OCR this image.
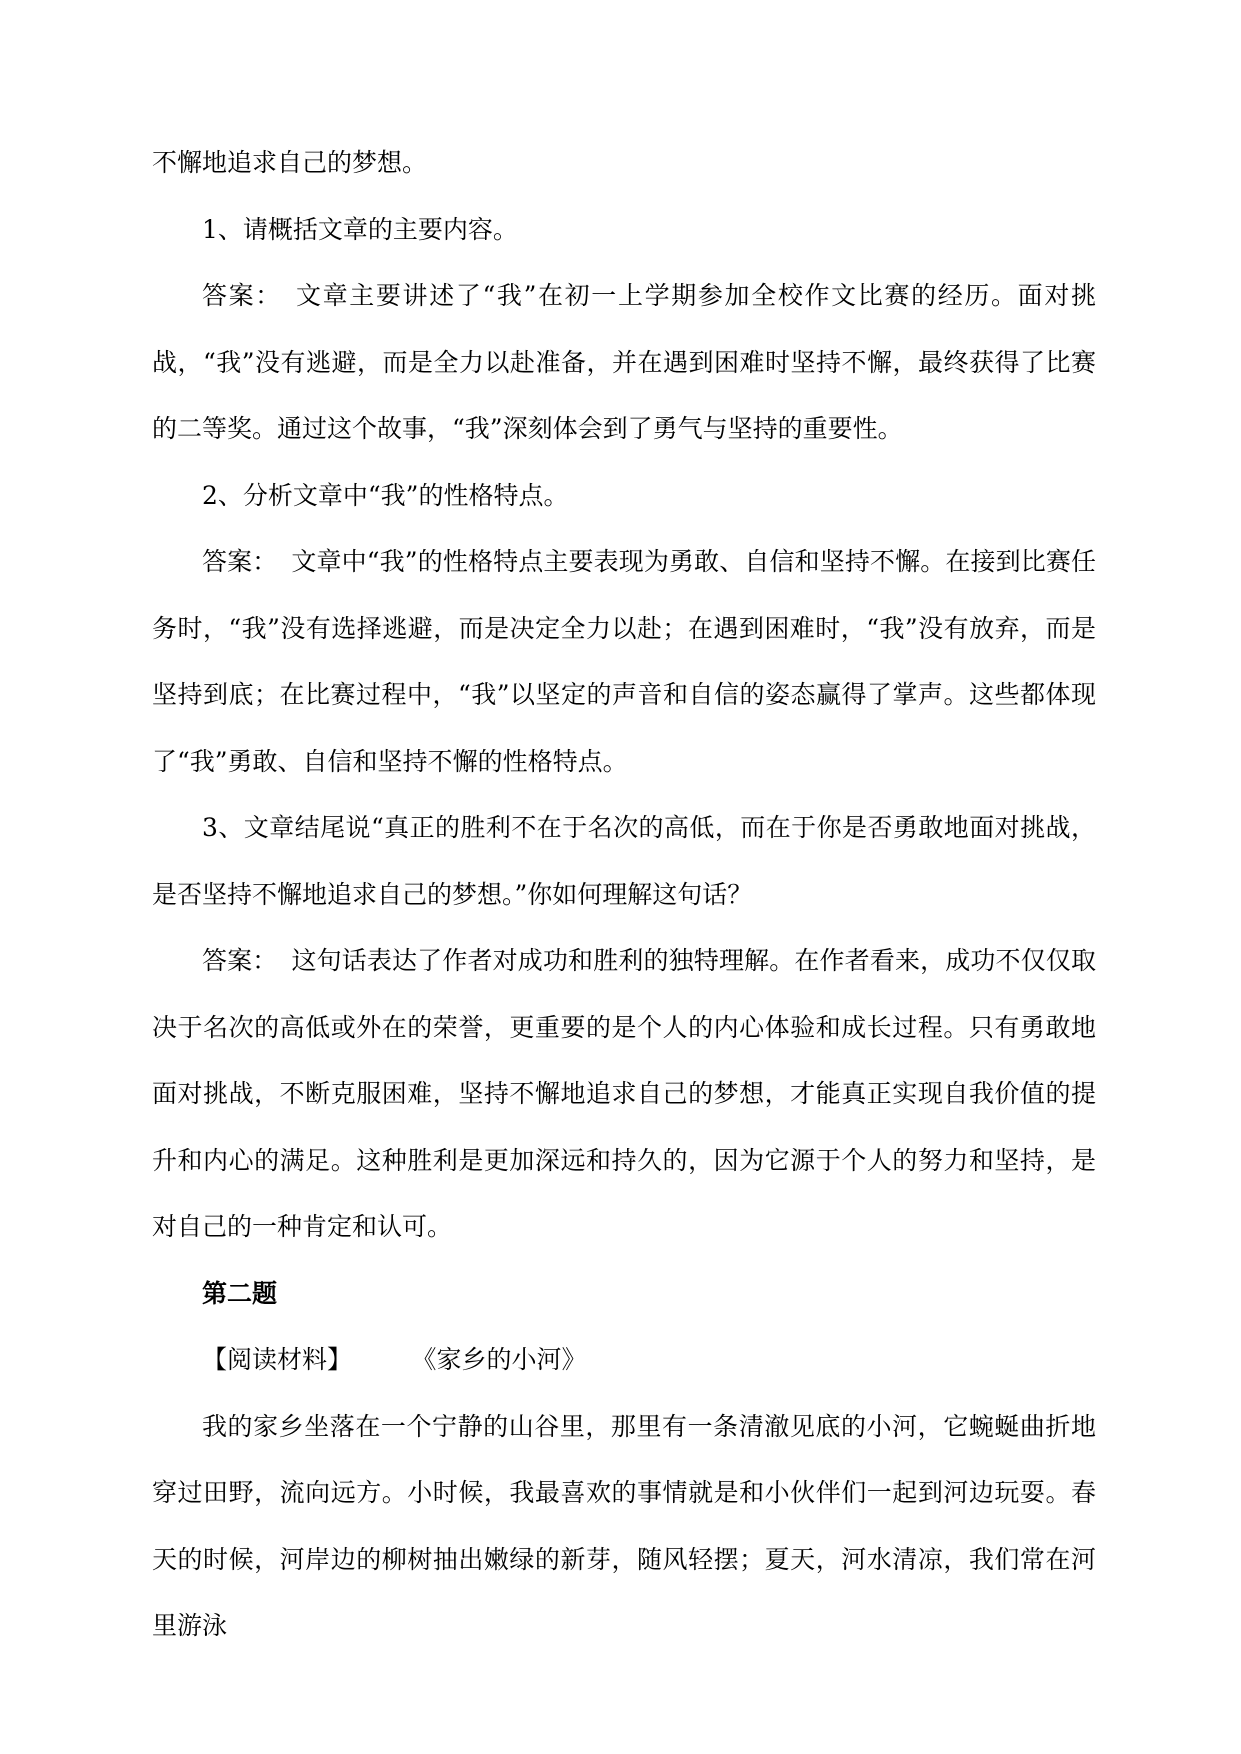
不懈地追求自己的梦想。

1、请概括文章的主要内容。

答案： 文章主要讲述了“我”在初一上学期参加全校作文比赛的经历。面对挑战，“我”没有逃避，而是全力以赴准备，并在遇到困难时坚持不懈，最终获得了比赛的二等奖。通过这个故事，“我”深刻体会到了勇气与坚持的重要性。

2、分析文章中“我”的性格特点。

答案： 文章中“我”的性格特点主要表现为勇敢、自信和坚持不懈。在接到比赛任务时，“我”没有选择逃避，而是决定全力以赴；在遇到困难时，“我”没有放弃，而是坚持到底；在比赛过程中，“我”以坚定的声音和自信的姿态赢得了掌声。这些都体现了“我”勇敢、自信和坚持不懈的性格特点。

3、文章结尾说“真正的胜利不在于名次的高低，而在于你是否勇敢地面对挑战，是否坚持不懈地追求自己的梦想。”你如何理解这句话？

答案： 这句话表达了作者对成功和胜利的独特理解。在作者看来，成功不仅仅取决于名次的高低或外在的荣誉，更重要的是个人的内心体验和成长过程。只有勇敢地面对挑战，不断克服困难，坚持不懈地追求自己的梦想，才能真正实现自我价值的提升和内心的满足。这种胜利是更加深远和持久的，因为它源于个人的努力和坚持，是对自己的一种肯定和认可。

第二题

【阅读材料】	《家乡的小河》

我的家乡坐落在一个宁静的山谷里，那里有一条清澈见底的小河，它蜿蜒曲折地穿过田野，流向远方。小时候，我最喜欢的事情就是和小伙伴们一起到河边玩耍。春天的时候，河岸边的柳树抽出嫩绿的新芽，随风轻摆；夏天，河水清凉，我们常在河里游泳
